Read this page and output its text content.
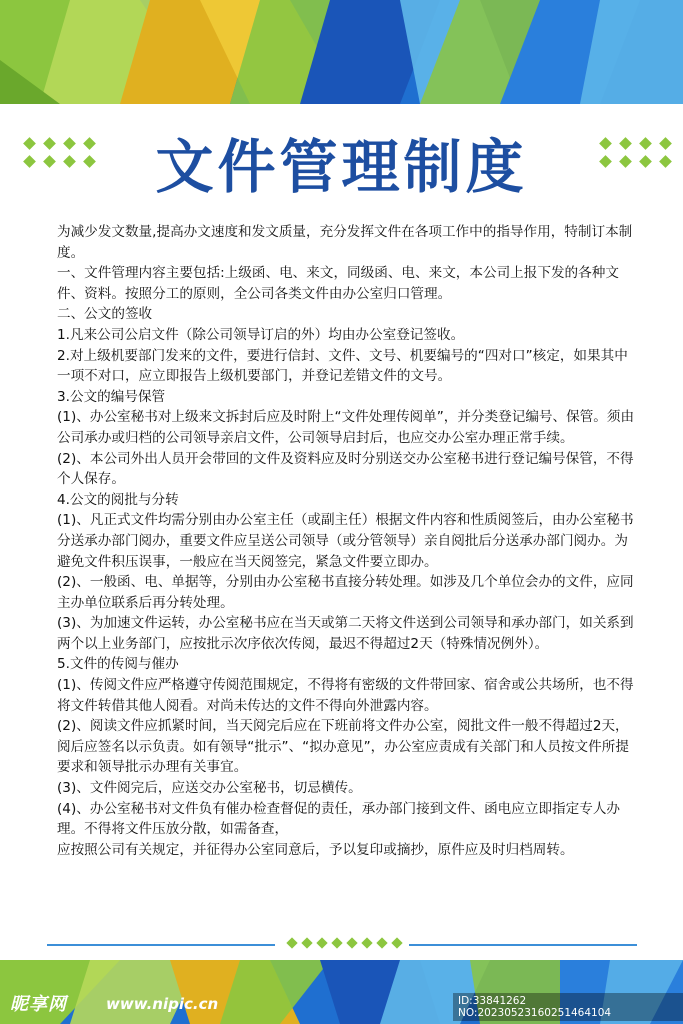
文件管理制度

为减少发文数量,提高办文速度和发文质量，充分发挥文件在各项工作中的指导作用，特制订本制度。

一、文件管理内容主要包括:上级函、电、来文，同级函、电、来文，本公司上报下发的各种文件、资料。按照分工的原则，全公司各类文件由办公室归口管理。

二、公文的签收

1.凡来公司公启文件（除公司领导订启的外）均由办公室登记签收。

2.对上级机要部门发来的文件，要进行信封、文件、文号、机要编号的“四对口”核定，如果其中一项不对口，应立即报告上级机要部门，并登记差错文件的文号。

3.公文的编号保管

(1)、办公室秘书对上级来文拆封后应及时附上“文件处理传阅单”，并分类登记编号、保管。须由公司承办或归档的公司领导亲启文件，公司领导启封后，也应交办公室办理正常手续。

(2)、本公司外出人员开会带回的文件及资料应及时分别送交办公室秘书进行登记编号保管，不得个人保存。

4.公文的阅批与分转

(1)、凡正式文件均需分别由办公室主任（或副主任）根据文件内容和性质阅签后，由办公室秘书分送承办部门阅办，重要文件应呈送公司领导（或分管领导）亲自阅批后分送承办部门阅办。为避免文件积压误事，一般应在当天阅签完，紧急文件要立即办。

(2)、一般函、电、单据等，分别由办公室秘书直接分转处理。如涉及几个单位会办的文件，应同主办单位联系后再分转处理。

(3)、为加速文件运转，办公室秘书应在当天或第二天将文件送到公司领导和承办部门，如关系到两个以上业务部门，应按批示次序依次传阅，最迟不得超过2天（特殊情况例外）。

5.文件的传阅与催办

(1)、传阅文件应严格遵守传阅范围规定，不得将有密级的文件带回家、宿舍或公共场所，也不得将文件转借其他人阅看。对尚未传达的文件不得向外泄露内容。

(2)、阅读文件应抓紧时间，当天阅完后应在下班前将文件办公室，阅批文件一般不得超过2天，阅后应签名以示负责。如有领导“批示”、“拟办意见”，办公室应责成有关部门和人员按文件所提要求和领导批示办理有关事宜。

(3)、文件阅完后，应送交办公室秘书，切忌横传。

(4)、办公室秘书对文件负有催办检查督促的责任，承办部门接到文件、函电应立即指定专人办理。不得将文件压放分散，如需备查，

应按照公司有关规定，并征得办公室同意后，予以复印或摘抄，原件应及时归档周转。

昵享网	www.nipic.cn	ID:33841262 NO:20230523160251464104
